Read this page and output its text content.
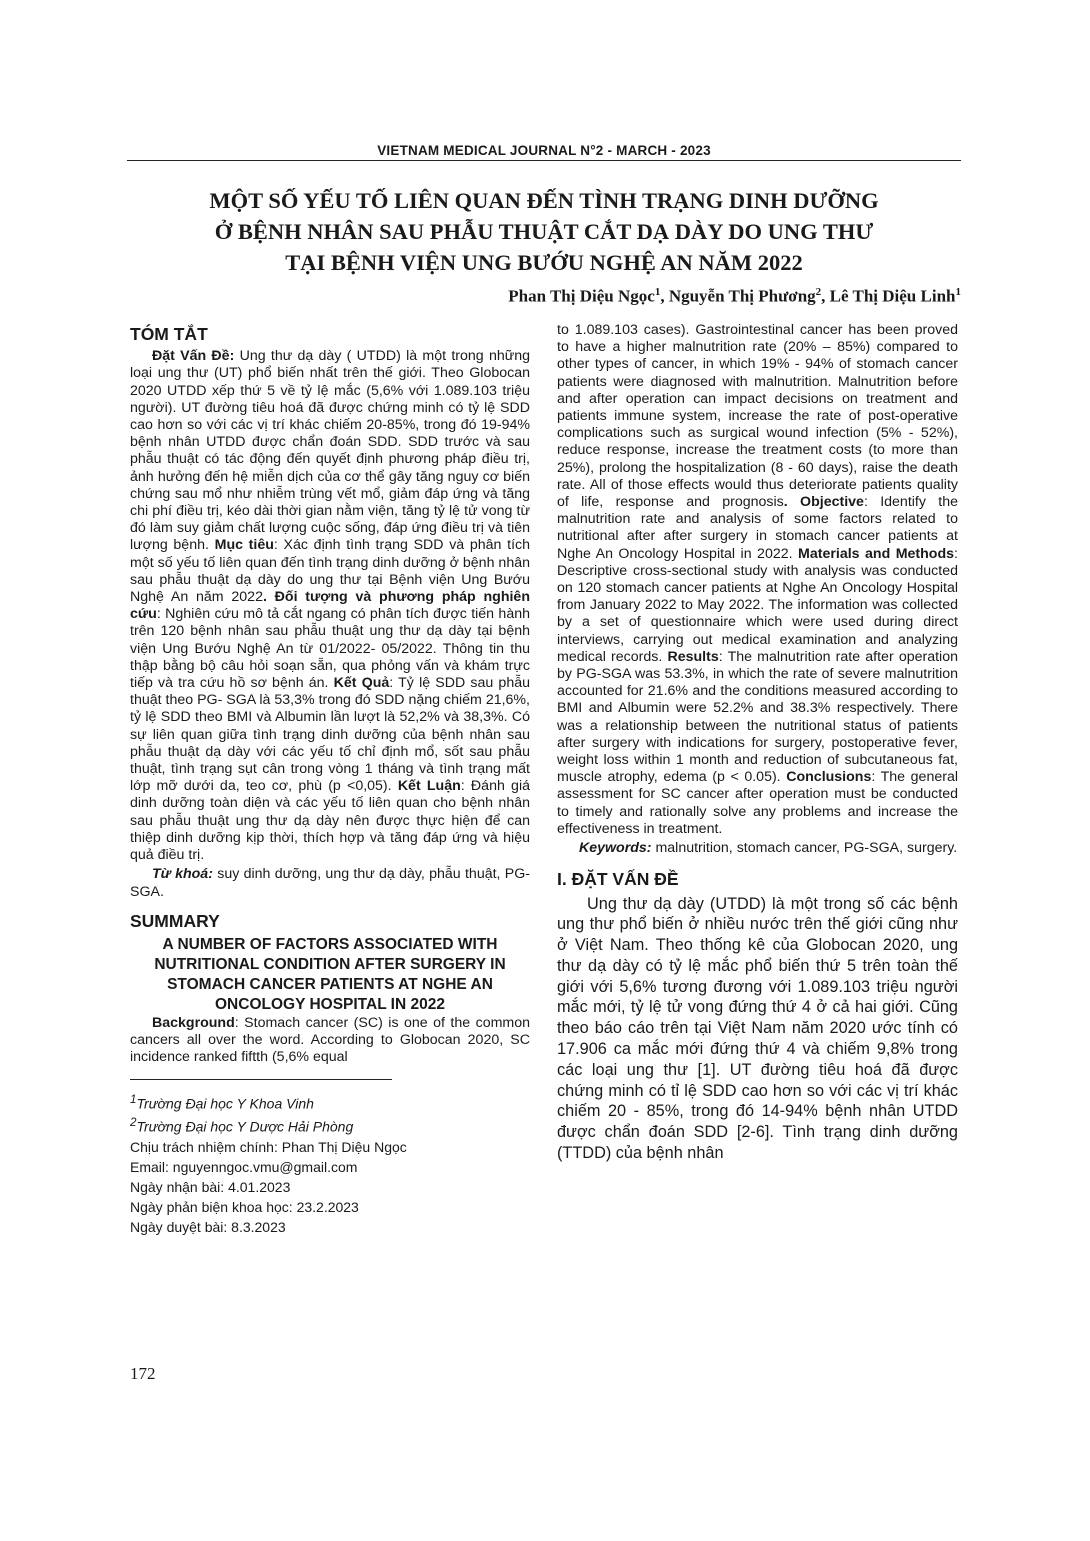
VIETNAM MEDICAL JOURNAL N°2 - MARCH - 2023
MỘT SỐ YẾU TỐ LIÊN QUAN ĐẾN TÌNH TRẠNG DINH DƯỠNG
Ở BỆNH NHÂN SAU PHẪU THUẬT CẮT DẠ DÀY DO UNG THƯ
TẠI BỆNH VIỆN UNG BƯỚU NGHỆ AN NĂM 2022
Phan Thị Diệu Ngọc$^1$, Nguyễn Thị Phương$^2$, Lê Thị Diệu Linh$^1$
TÓM TẮT

Đặt Vấn Đề: Ung thư dạ dày ( UTDD) là một trong những loại ung thư (UT) phổ biến nhất trên thế giới. Theo Globocan 2020 UTDD xếp thứ 5 về tỷ lệ mắc (5,6% với 1.089.103 triệu người). UT đường tiêu hoá đã được chứng minh có tỷ lệ SDD cao hơn so với các vị trí khác chiếm 20-85%, trong đó 19-94% bệnh nhân UTDD được chẩn đoán SDD. SDD trước và sau phẫu thuật có tác động đến quyết định phương pháp điều trị, ảnh hưởng đến hệ miễn dịch của cơ thể gây tăng nguy cơ biến chứng sau mổ như nhiễm trùng vết mổ, giảm đáp ứng và tăng chi phí điều trị, kéo dài thời gian nằm viện, tăng tỷ lệ tử vong từ đó làm suy giảm chất lượng cuộc sống, đáp ứng điều trị và tiên lượng bệnh. Mục tiêu: Xác định tình trạng SDD và phân tích một số yếu tố liên quan đến tình trạng dinh dưỡng ở bệnh nhân sau phẫu thuật dạ dày do ung thư tại Bệnh viện Ung Bướu Nghệ An năm 2022. Đối tượng và phương pháp nghiên cứu: Nghiên cứu mô tả cắt ngang có phân tích được tiến hành trên 120 bệnh nhân sau phẫu thuật ung thư dạ dày tại bệnh viện Ung Bướu Nghệ An từ 01/2022- 05/2022. Thông tin thu thập bằng bộ câu hỏi soạn sẵn, qua phỏng vấn và khám trực tiếp và tra cứu hồ sơ bệnh án. Kết Quả: Tỷ lệ SDD sau phẫu thuật theo PG- SGA là 53,3% trong đó SDD nặng chiếm 21,6%, tỷ lệ SDD theo BMI và Albumin lần lượt là 52,2% và 38,3%. Có sự liên quan giữa tình trạng dinh dưỡng của bệnh nhân sau phẫu thuật dạ dày với các yếu tố chỉ định mổ, sốt sau phẫu thuật, tình trạng sụt cân trong vòng 1 tháng và tình trạng mất lớp mỡ dưới da, teo cơ, phù (p <0,05). Kết Luận: Đánh giá dinh dưỡng toàn diện và các yếu tố liên quan cho bệnh nhân sau phẫu thuật ung thư dạ dày nên được thực hiện để can thiệp dinh dưỡng kịp thời, thích hợp và tăng đáp ứng và hiệu quả điều trị.

Từ khoá: suy dinh dưỡng, ung thư dạ dày, phẫu thuật, PG- SGA.

SUMMARY
A NUMBER OF FACTORS ASSOCIATED WITH NUTRITIONAL CONDITION AFTER SURGERY IN STOMACH CANCER PATIENTS AT NGHE AN ONCOLOGY HOSPITAL IN 2022

Background: Stomach cancer (SC) is one of the common cancers all over the word. According to Globocan 2020, SC incidence ranked fiftth (5,6% equal

$^1$Trường Đại học Y Khoa Vinh

$^2$Trường Đại học Y Dược Hải Phòng

Chịu trách nhiệm chính: Phan Thị Diệu Ngọc

Email: nguyenngoc.vmu@gmail.com

Ngày nhận bài: 4.01.2023

Ngày phản biện khoa học: 23.2.2023

Ngày duyệt bài: 8.3.2023

to 1.089.103 cases). Gastrointestinal cancer has been proved to have a higher malnutrition rate (20% – 85%) compared to other types of cancer, in which 19% - 94% of stomach cancer patients were diagnosed with malnutrition. Malnutrition before and after operation can impact decisions on treatment and patients immune system, increase the rate of post-operative complications such as surgical wound infection (5% - 52%), reduce response, increase the treatment costs (to more than 25%), prolong the hospitalization (8 - 60 days), raise the death rate. All of those effects would thus deteriorate patients quality of life, response and prognosis. Objective: Identify the malnutrition rate and analysis of some factors related to nutritional after after surgery in stomach cancer patients at Nghe An Oncology Hospital in 2022. Materials and Methods: Descriptive cross-sectional study with analysis was conducted on 120 stomach cancer patients at Nghe An Oncology Hospital from January 2022 to May 2022. The information was collected by a set of questionnaire which were used during direct interviews, carrying out medical examination and analyzing medical records. Results: The malnutrition rate after operation by PG-SGA was 53.3%, in which the rate of severe malnutrition accounted for 21.6% and the conditions measured according to BMI and Albumin were 52.2% and 38.3% respectively. There was a relationship between the nutritional status of patients after surgery with indications for surgery, postoperative fever, weight loss within 1 month and reduction of subcutaneous fat, muscle atrophy, edema (p < 0.05). Conclusions: The general assessment for SC cancer after operation must be conducted to timely and rationally solve any problems and increase the effectiveness in treatment.

Keywords: malnutrition, stomach cancer, PG-SGA, surgery.

I. ĐẶT VẤN ĐỀ

Ung thư dạ dày (UTDD) là một trong số các bệnh ung thư phổ biến ở nhiều nước trên thế giới cũng như ở Việt Nam. Theo thống kê của Globocan 2020, ung thư dạ dày có tỷ lệ mắc phổ biến thứ 5 trên toàn thế giới với 5,6% tương đương với 1.089.103 triệu người mắc mới, tỷ lệ tử vong đứng thứ 4 ở cả hai giới. Cũng theo báo cáo trên tại Việt Nam năm 2020 ước tính có 17.906 ca mắc mới đứng thứ 4 và chiếm 9,8% trong các loại ung thư [1]. UT đường tiêu hoá đã được chứng minh có tỉ lệ SDD cao hơn so với các vị trí khác chiếm 20 - 85%, trong đó 14-94% bệnh nhân UTDD được chẩn đoán SDD [2-6]. Tình trạng dinh dưỡng (TTDD) của bệnh nhân

172
